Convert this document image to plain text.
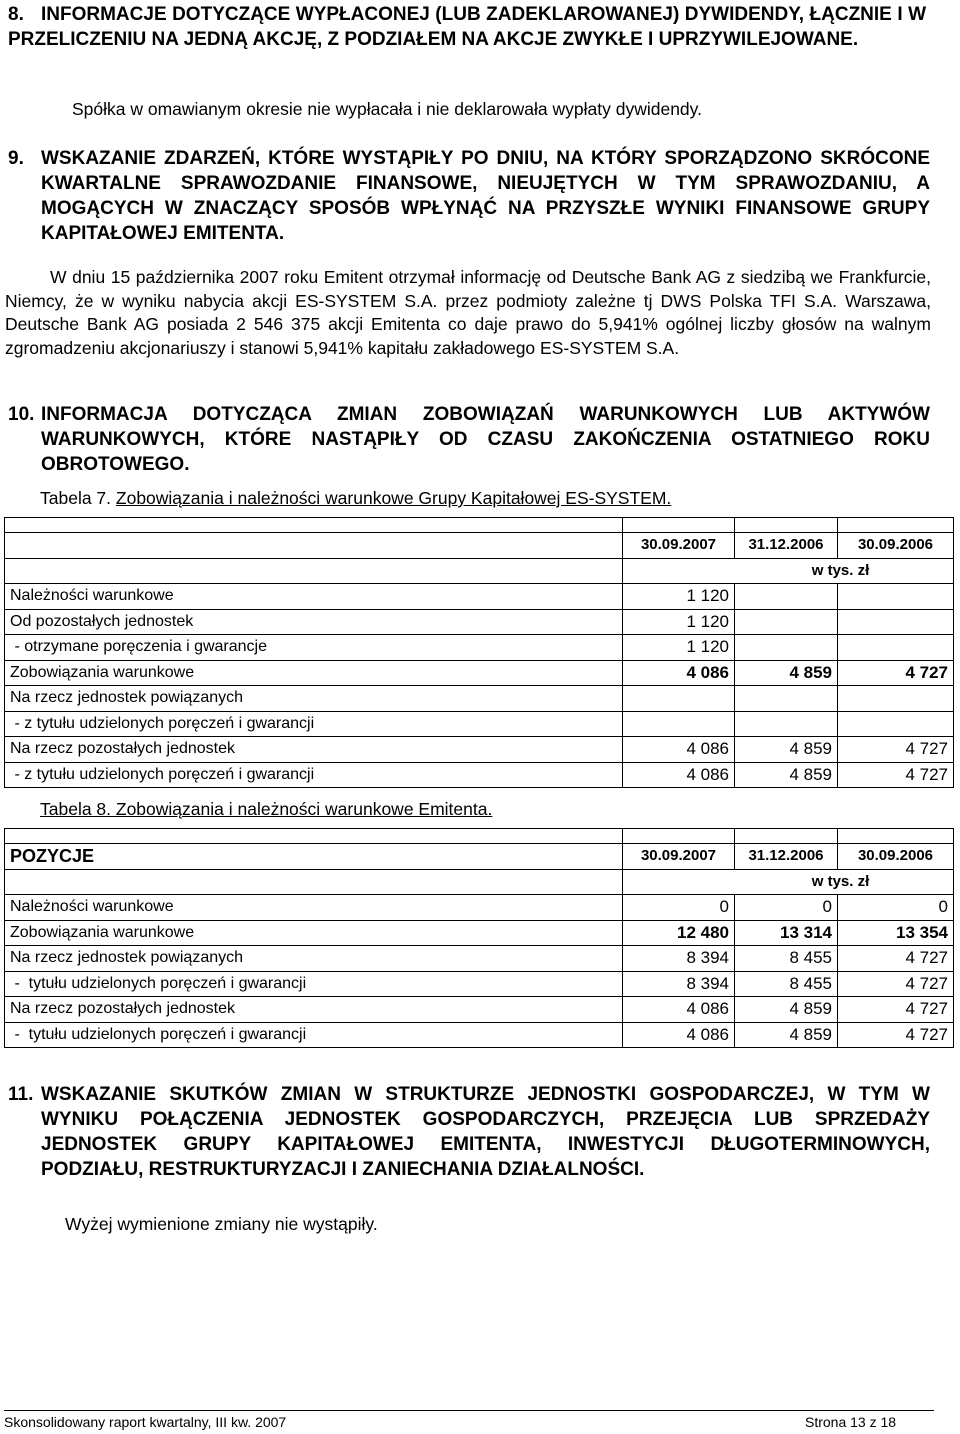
8. INFORMACJE DOTYCZĄCE WYPŁACONEJ (LUB ZADEKLAROWANEJ) DYWIDENDY, ŁĄCZNIE I W PRZELICZENIU NA JEDNĄ AKCJĘ, Z PODZIAŁEM NA AKCJE ZWYKŁE I UPRZYWILEJOWANE.

Spółka w omawianym okresie nie wypłacała i nie deklarowała wypłaty dywidendy.

9. WSKAZANIE ZDARZEŃ, KTÓRE WYSTĄPIŁY PO DNIU, NA KTÓRY SPORZĄDZONO SKRÓCONE KWARTALNE SPRAWOZDANIE FINANSOWE, NIEUJĘTYCH W TYM SPRAWOZDANIU, A MOGĄCYCH W ZNACZĄCY SPOSÓB WPŁYNĄĆ NA PRZYSZŁE WYNIKI FINANSOWE GRUPY KAPITAŁOWEJ EMITENTA.

W dniu 15 października 2007 roku Emitent otrzymał informację od Deutsche Bank AG z siedzibą we Frankfurcie, Niemcy, że w wyniku nabycia akcji ES-SYSTEM S.A. przez podmioty zależne tj DWS Polska TFI S.A. Warszawa, Deutsche Bank AG posiada 2 546 375 akcji Emitenta co daje prawo do 5,941% ogólnej liczby głosów na walnym zgromadzeniu akcjonariuszy i stanowi 5,941% kapitału zakładowego ES-SYSTEM S.A.

10. INFORMACJA DOTYCZĄCA ZMIAN ZOBOWIĄZAŃ WARUNKOWYCH LUB AKTYWÓW WARUNKOWYCH, KTÓRE NASTĄPIŁY OD CZASU ZAKOŃCZENIA OSTATNIEGO ROKU OBROTOWEGO.
Tabela 7. Zobowiązania i należności warunkowe Grupy Kapitałowej ES-SYSTEM.

	30.09.2007	31.12.2006	30.09.2006
	w tys. zł		
Należności warunkowe	1 120		
Od pozostałych jednostek	1 120		
- otrzymane poręczenia i gwarancje	1 120		
Zobowiązania warunkowe	4 086	4 859	4 727
Na rzecz jednostek powiązanych			
- z tytułu udzielonych poręczeń i gwarancji			
Na rzecz pozostałych jednostek	4 086	4 859	4 727
- z tytułu udzielonych poręczeń i gwarancji	4 086	4 859	4 727
Tabela 8. Zobowiązania i należności warunkowe Emitenta.

POZYCJE	30.09.2007	31.12.2006	30.09.2006
	w tys. zł		
Należności warunkowe	0	0	0
Zobowiązania warunkowe	12 480	13 314	13 354
Na rzecz jednostek powiązanych	8 394	8 455	4 727
-  tytułu udzielonych poręczeń i gwarancji	8 394	8 455	4 727
Na rzecz pozostałych jednostek	4 086	4 859	4 727
-  tytułu udzielonych poręczeń i gwarancji	4 086	4 859	4 727
11. WSKAZANIE SKUTKÓW ZMIAN W STRUKTURZE JEDNOSTKI GOSPODARCZEJ, W TYM W WYNIKU POŁĄCZENIA JEDNOSTEK GOSPODARCZYCH, PRZEJĘCIA LUB SPRZEDAŻY JEDNOSTEK GRUPY KAPITAŁOWEJ EMITENTA, INWESTYCJI DŁUGOTERMINOWYCH, PODZIAŁU, RESTRUKTURYZACJI I ZANIECHANIA DZIAŁALNOŚCI.

Wyżej wymienione zmiany nie wystąpiły.

Skonsolidowany raport kwartalny, III kw. 2007	Strona 13 z 18
